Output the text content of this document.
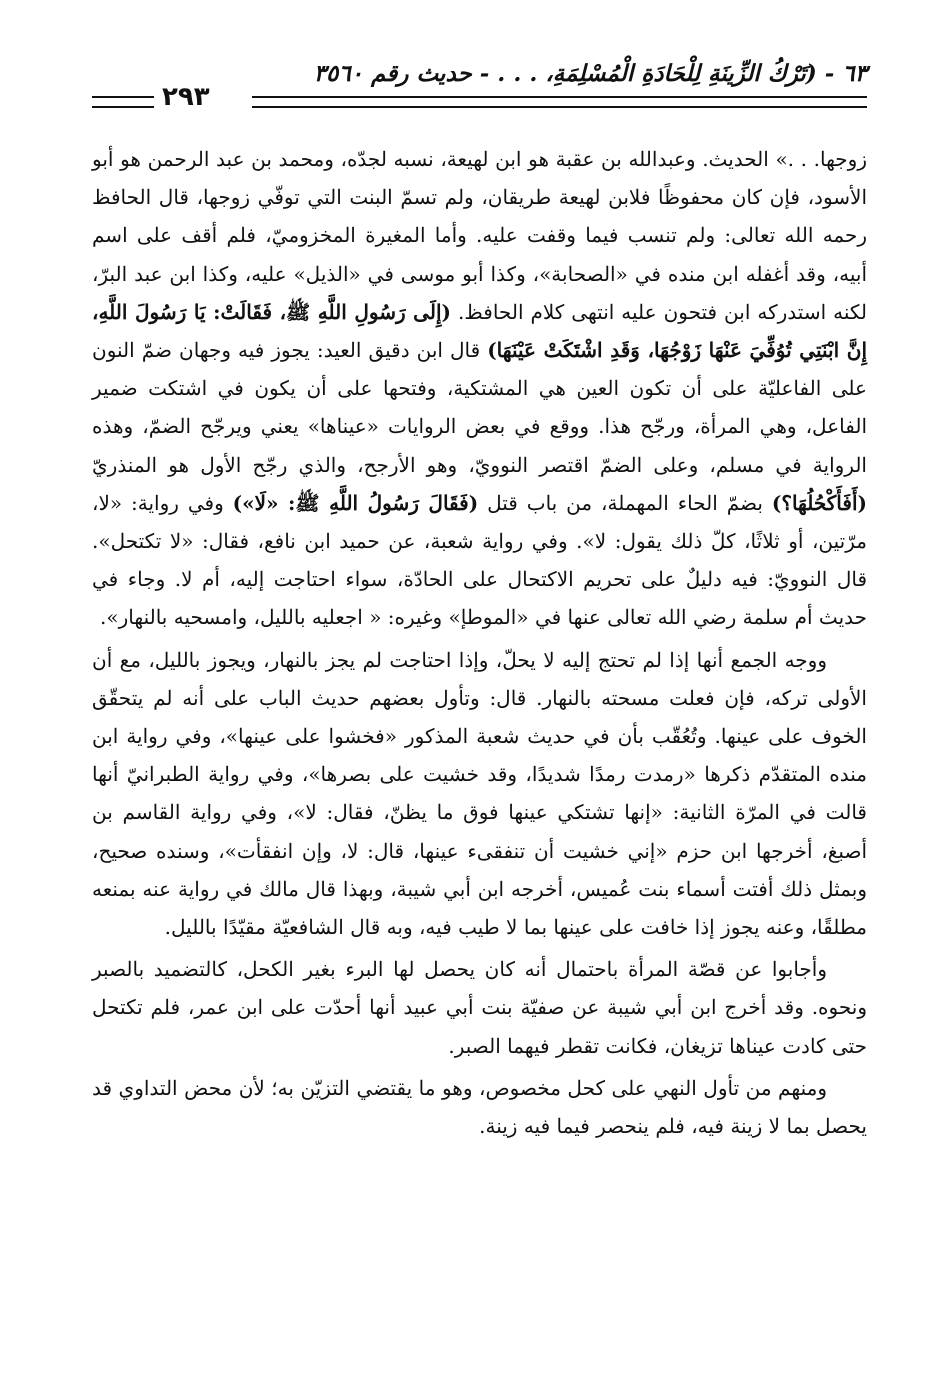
٦٣ - (تَرْكُ الزِّينَةِ لِلْحَادَةِ الْمُسْلِمَةِ، . . . - حديث رقم ٣٥٦٠
٢٩٣

زوجها. . .» الحديث. وعبدالله بن عقبة هو ابن لهيعة، نسبه لجدّه، ومحمد بن عبد الرحمن هو أبو الأسود، فإن كان محفوظًا فلابن لهيعة طريقان، ولم تسمّ البنت التي توفّي زوجها، قال الحافظ رحمه الله تعالى: ولم تنسب فيما وقفت عليه. وأما المغيرة المخزوميّ، فلم أقف على اسم أبيه، وقد أغفله ابن منده في «الصحابة»، وكذا أبو موسى في «الذيل» عليه، وكذا ابن عبد البرّ، لكنه استدركه ابن فتحون عليه انتهى كلام الحافظ. (إِلَى رَسُولِ اللَّهِ ﷺ، فَقَالَتْ: يَا رَسُولَ اللَّهِ، إِنَّ ابْنَتِي تُوُفِّيَ عَنْهَا زَوْجُهَا، وَقَدِ اشْتَكَتْ عَيْنَهَا) قال ابن دقيق العيد: يجوز فيه وجهان ضمّ النون على الفاعليّة على أن تكون العين هي المشتكية، وفتحها على أن يكون في اشتكت ضمير الفاعل، وهي المرأة، ورجّح هذا. ووقع في بعض الروايات «عيناها» يعني ويرجّح الضمّ، وهذه الرواية في مسلم، وعلى الضمّ اقتصر النوويّ، وهو الأرجح، والذي رجّح الأول هو المنذريّ (أَفَأَكْحُلُهَا؟) بضمّ الحاء المهملة، من باب قتل (فَقَالَ رَسُولُ اللَّهِ ﷺ: «لَا») وفي رواية: «لا، مرّتين، أو ثلاثًا، كلّ ذلك يقول: لا». وفي رواية شعبة، عن حميد ابن نافع، فقال: «لا تكتحل». قال النوويّ: فيه دليلٌ على تحريم الاكتحال على الحادّة، سواء احتاجت إليه، أم لا. وجاء في حديث أم سلمة رضي الله تعالى عنها في «الموطإ» وغيره: « اجعليه بالليل، وامسحيه بالنهار».

ووجه الجمع أنها إذا لم تحتج إليه لا يحلّ، وإذا احتاجت لم يجز بالنهار، ويجوز بالليل، مع أن الأولى تركه، فإن فعلت مسحته بالنهار. قال: وتأول بعضهم حديث الباب على أنه لم يتحقّق الخوف على عينها. وتُعُقّب بأن في حديث شعبة المذكور «فخشوا على عينها»، وفي رواية ابن منده المتقدّم ذكرها «رمدت رمدًا شديدًا، وقد خشيت على بصرها»، وفي رواية الطبرانيّ أنها قالت في المرّة الثانية: «إنها تشتكي عينها فوق ما يظنّ، فقال: لا»، وفي رواية القاسم بن أصبغ، أخرجها ابن حزم «إني خشيت أن تنفقىء عينها، قال: لا، وإن انفقأت»، وسنده صحيح، وبمثل ذلك أفتت أسماء بنت عُميس، أخرجه ابن أبي شيبة، وبهذا قال مالك في رواية عنه بمنعه مطلقًا، وعنه يجوز إذا خافت على عينها بما لا طيب فيه، وبه قال الشافعيّة مقيّدًا بالليل.

وأجابوا عن قصّة المرأة باحتمال أنه كان يحصل لها البرء بغير الكحل، كالتضميد بالصبر ونحوه. وقد أخرج ابن أبي شيبة عن صفيّة بنت أبي عبيد أنها أحدّت على ابن عمر، فلم تكتحل حتى كادت عيناها تزيغان، فكانت تقطر فيهما الصبر.

ومنهم من تأول النهي على كحل مخصوص، وهو ما يقتضي التزيّن به؛ لأن محض التداوي قد يحصل بما لا زينة فيه، فلم ينحصر فيما فيه زينة.
